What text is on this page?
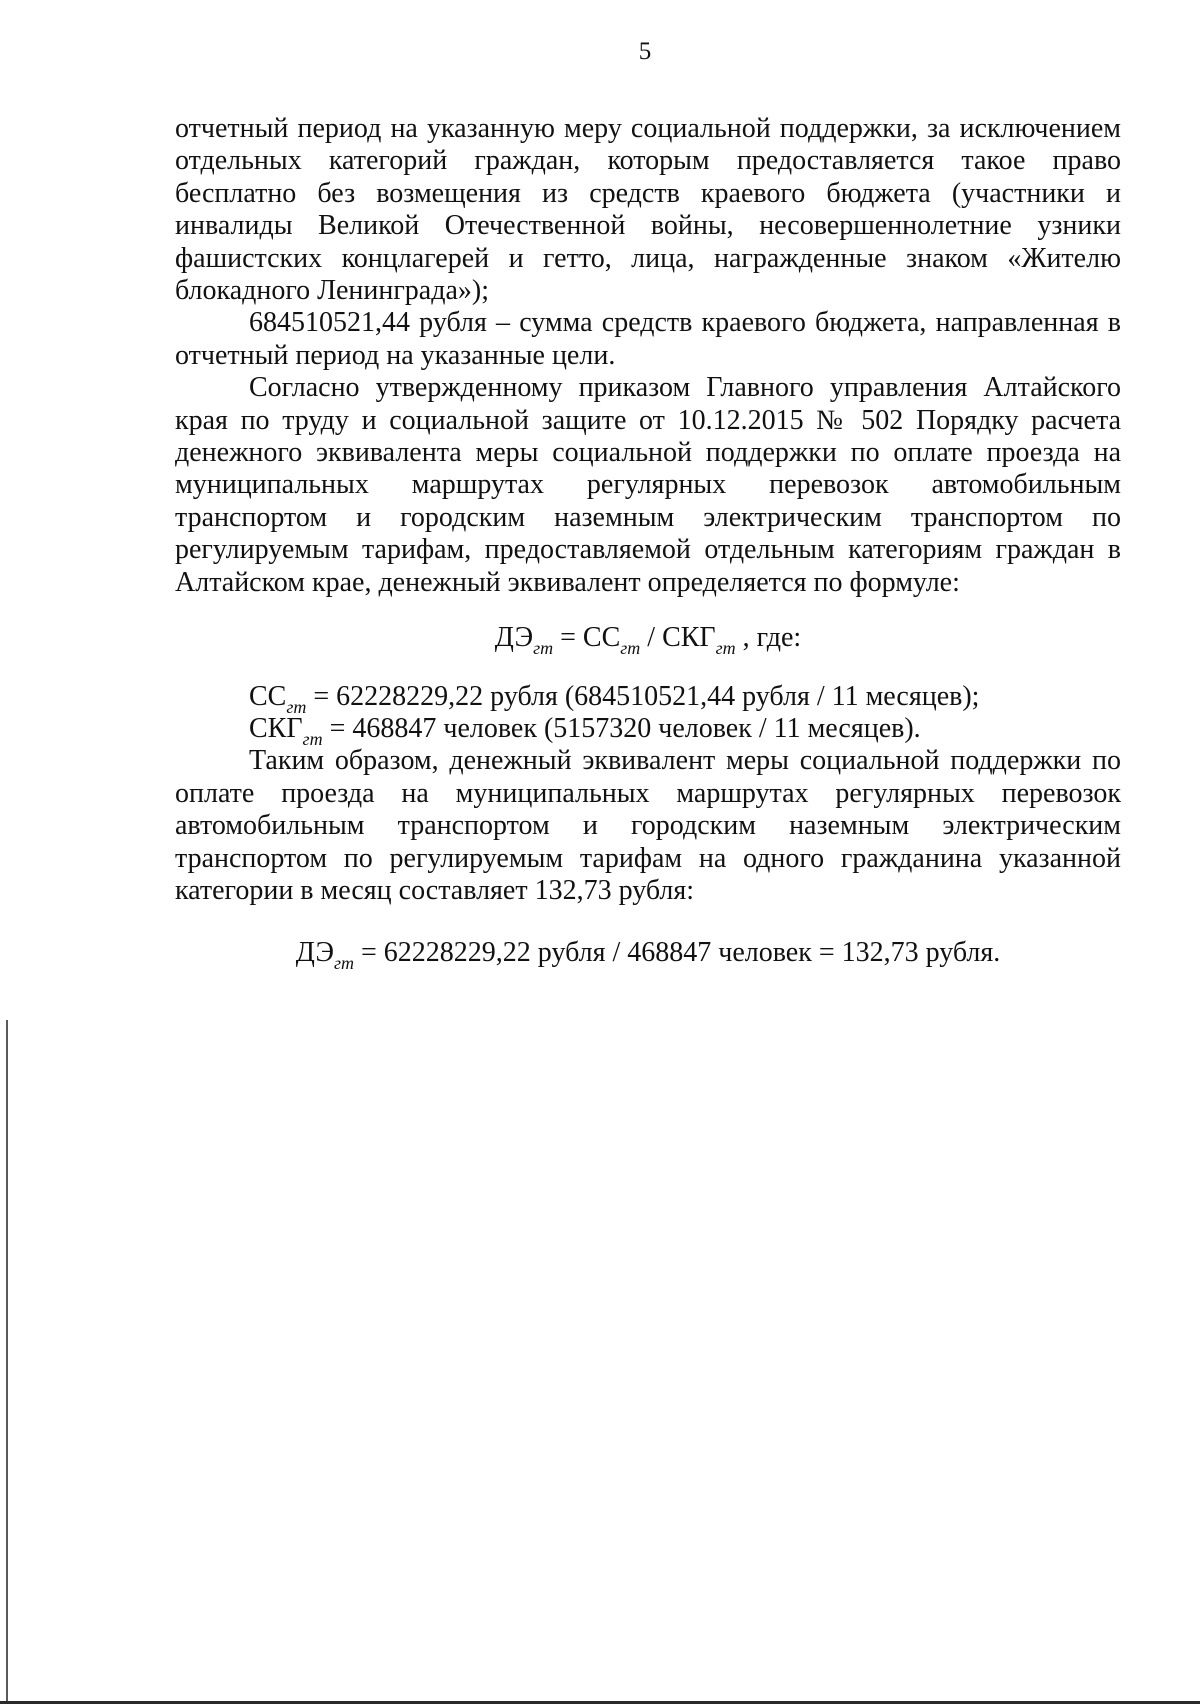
5

отчетный период на указанную меру социальной поддержки, за исключением отдельных категорий граждан, которым предоставляется такое право бесплатно без возмещения из средств краевого бюджета (участники и инвалиды Великой Отечественной войны, несовершеннолетние узники фашистских концлагерей и гетто, лица, награжденные знаком «Жителю блокадного Ленинграда»);

684510521,44 рубля – сумма средств краевого бюджета, направленная в отчетный период на указанные цели.

Согласно утвержденному приказом Главного управления Алтайского края по труду и социальной защите от 10.12.2015 № 502 Порядку расчета денежного эквивалента меры социальной поддержки по оплате проезда на муниципальных маршрутах регулярных перевозок автомобильным транспортом и городским наземным электрическим транспортом по регулируемым тарифам, предоставляемой отдельным категориям граждан в Алтайском крае, денежный эквивалент определяется по формуле:

$ДЭ_{гт} = СС_{гт} / СКГ_{гт}$ , где:

$СС_{гт} = 62228229,22$ рубля (684510521,44 рубля / 11 месяцев);

$СКГ_{гт} = 468847$ человек (5157320 человек / 11 месяцев).

Таким образом, денежный эквивалент меры социальной поддержки по оплате проезда на муниципальных маршрутах регулярных перевозок автомобильным транспортом и городским наземным электрическим транспортом по регулируемым тарифам на одного гражданина указанной категории в месяц составляет 132,73 рубля:

$ДЭ_{гт} = 62228229,22$ рубля / 468847 человек = 132,73 рубля.
